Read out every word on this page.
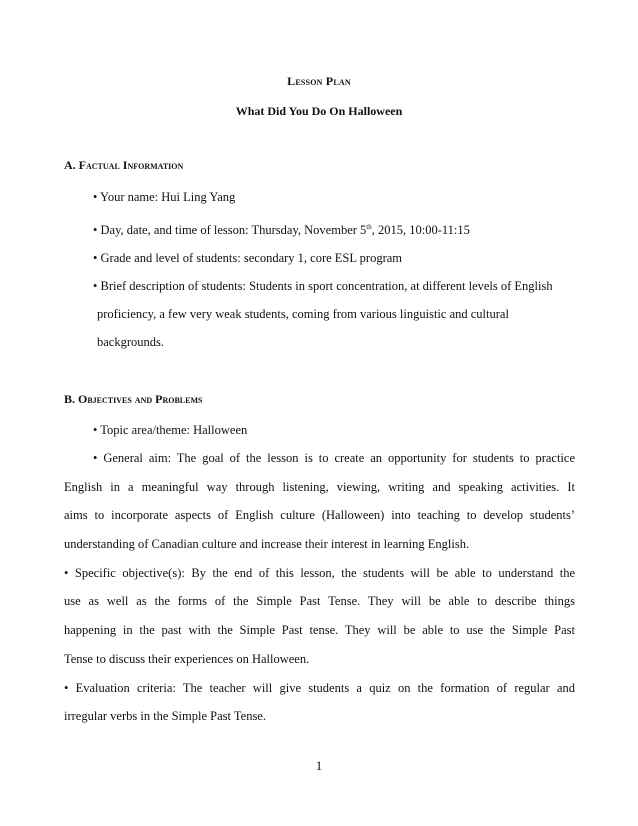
Lesson Plan
What Did You Do On Halloween
A. Factual Information
• Your name: Hui Ling Yang
• Day, date, and time of lesson: Thursday, November 5th, 2015, 10:00-11:15
• Grade and level of students: secondary 1, core ESL program
• Brief description of students: Students in sport concentration, at different levels of English
proficiency, a few very weak students, coming from various linguistic and cultural
backgrounds.
B. Objectives and Problems
• Topic area/theme: Halloween
• General aim: The goal of the lesson is to create an opportunity for students to practice
English in a meaningful way through listening, viewing, writing and speaking activities. It
aims to incorporate aspects of English culture (Halloween) into teaching to develop students’
understanding of Canadian culture and increase their interest in learning English.
• Specific objective(s): By the end of this lesson, the students will be able to understand the
use as well as the forms of the Simple Past Tense. They will be able to describe things
happening in the past with the Simple Past tense. They will be able to use the Simple Past
Tense to discuss their experiences on Halloween.
• Evaluation criteria: The teacher will give students a quiz on the formation of regular and
irregular verbs in the Simple Past Tense.
1
